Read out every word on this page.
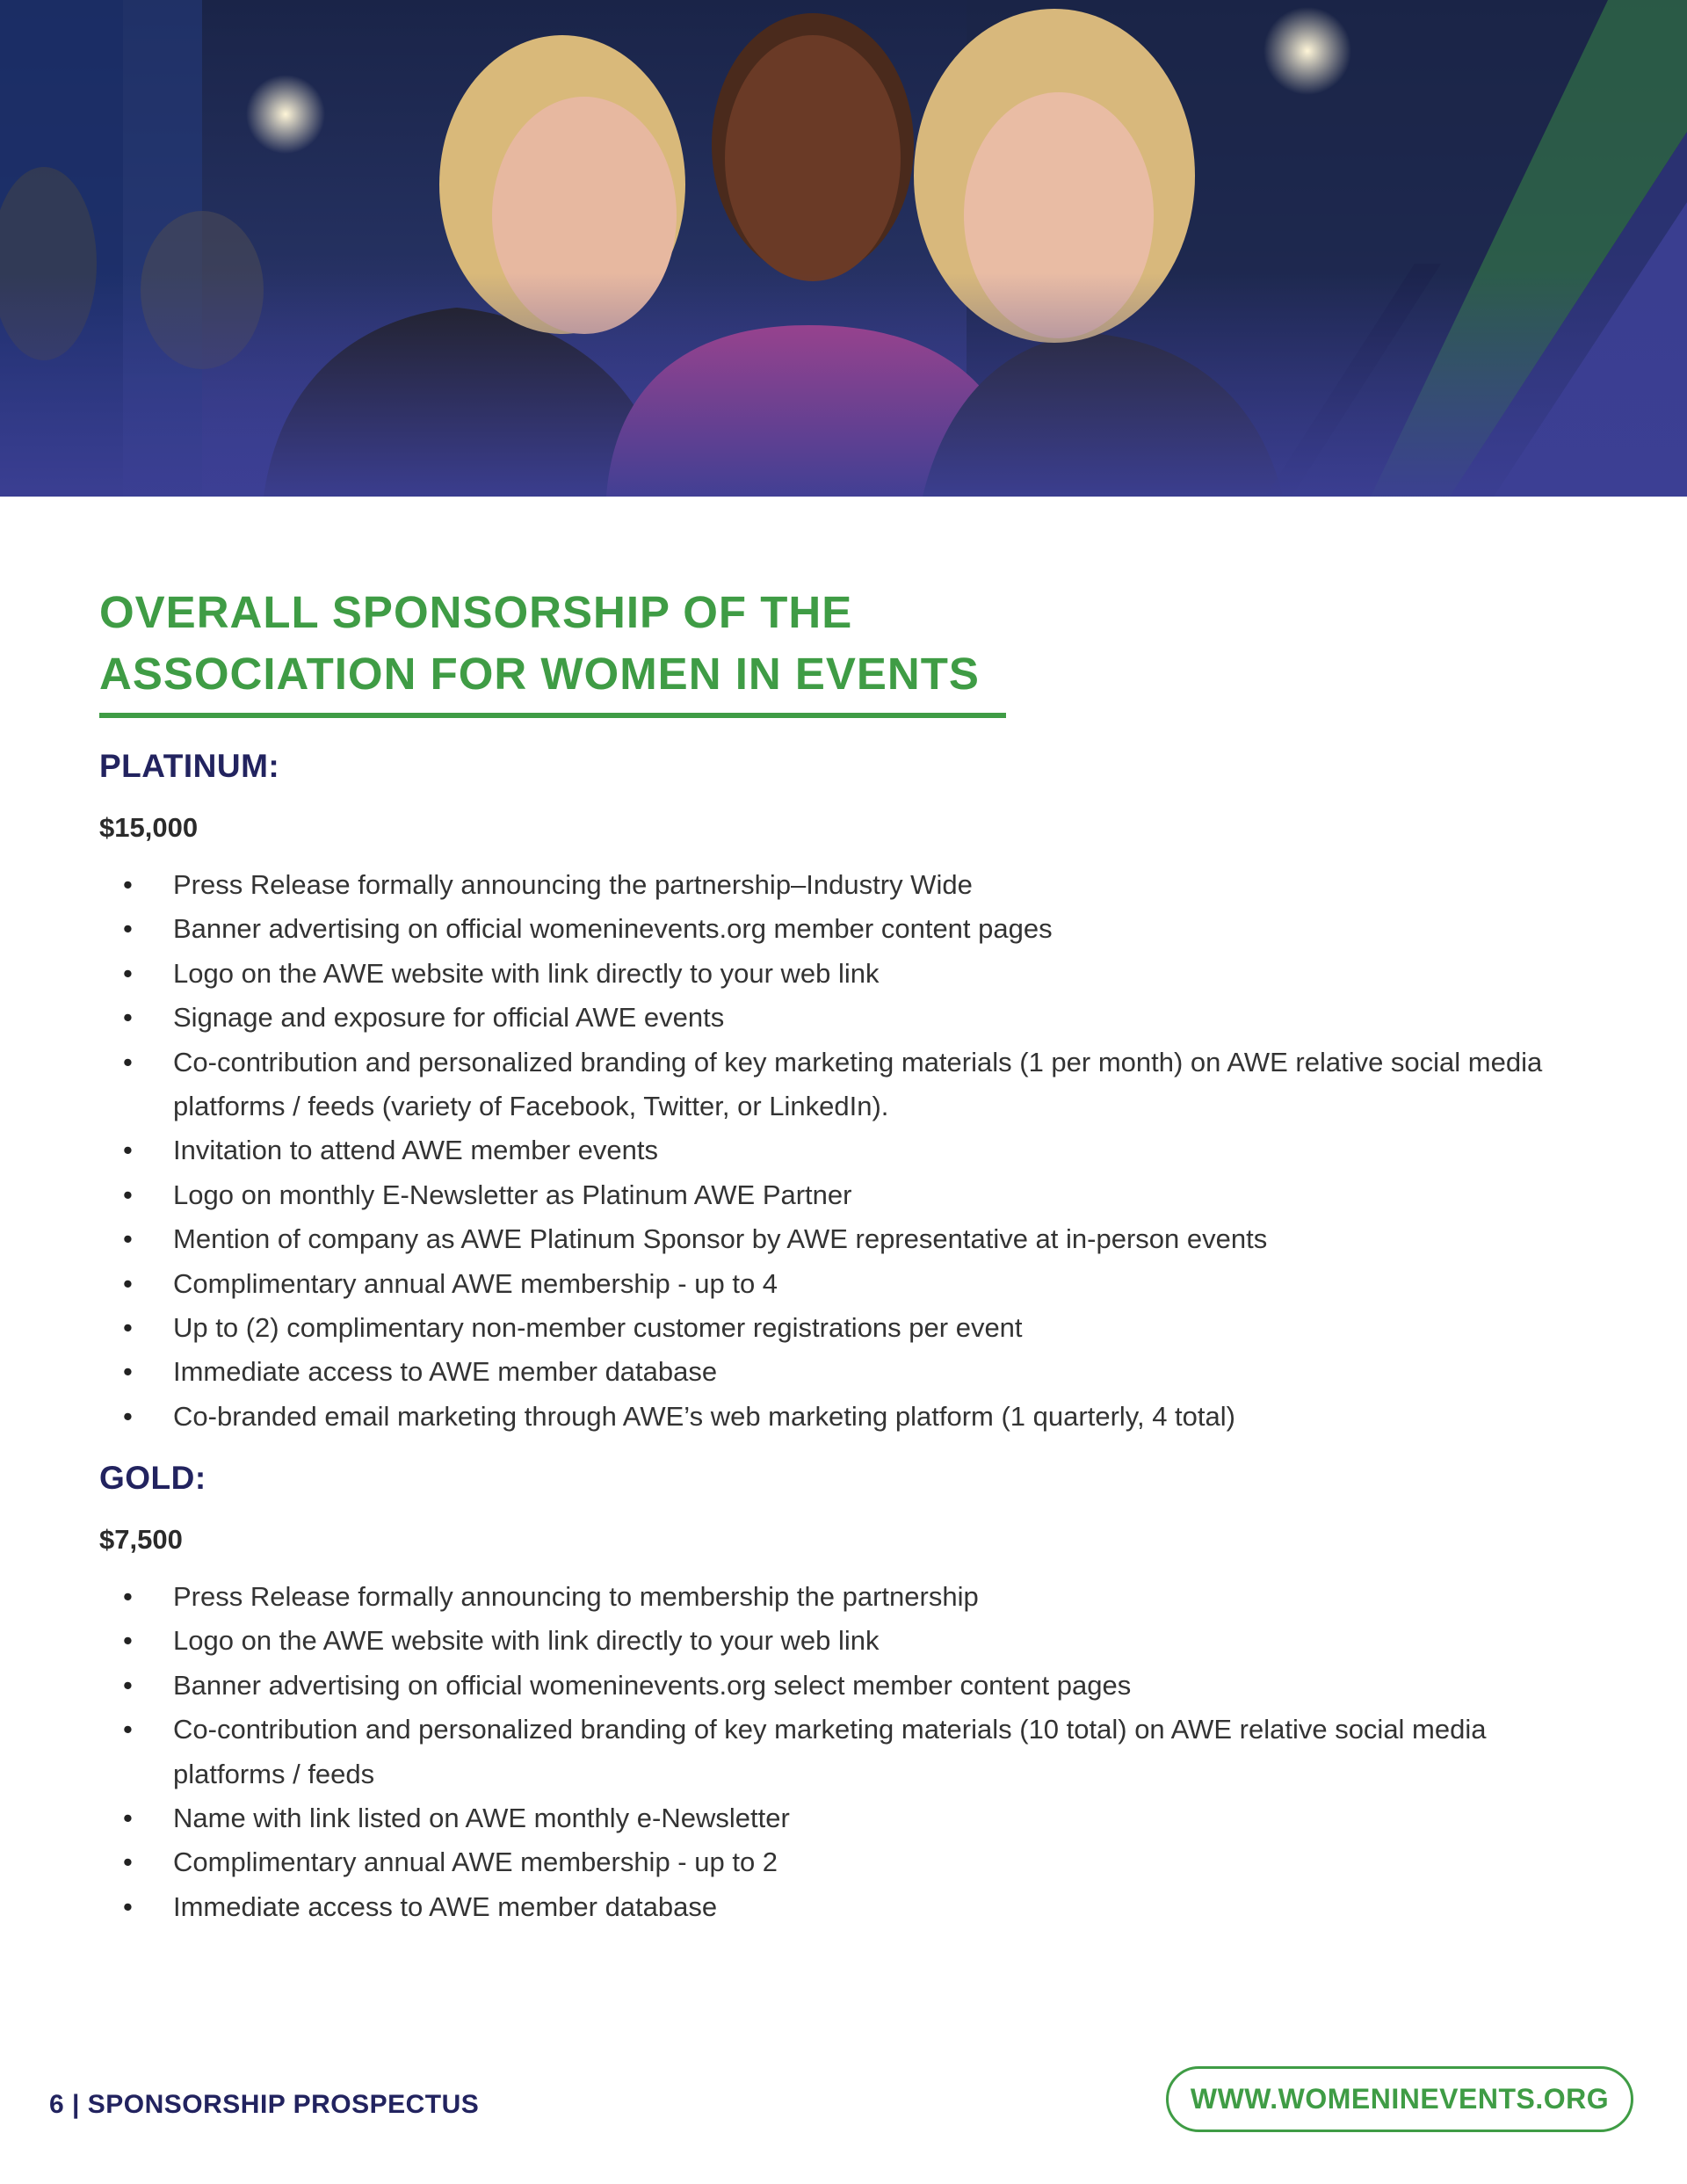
OVERALL SPONSORSHIP OF THE
ASSOCIATION FOR WOMEN IN EVENTS
PLATINUM:

$15,000

• Press Release formally announcing the partnership–Industry Wide
• Banner advertising on official womeninevents.org member content pages
• Logo on the AWE website with link directly to your web link
• Signage and exposure for official AWE events
• Co-contribution and personalized branding of key marketing materials (1 per month) on AWE relative social media platforms / feeds (variety of Facebook, Twitter, or LinkedIn).
• Invitation to attend AWE member events
• Logo on monthly E-Newsletter as Platinum AWE Partner
• Mention of company as AWE Platinum Sponsor by AWE representative at in-person events
• Complimentary annual AWE membership - up to 4
• Up to (2) complimentary non-member customer registrations per event
• Immediate access to AWE member database
• Co-branded email marketing through AWE’s web marketing platform (1 quarterly, 4 total)
GOLD:

$7,500

• Press Release formally announcing to membership the partnership
• Logo on the AWE website with link directly to your web link
• Banner advertising on official womeninevents.org select member content pages
• Co-contribution and personalized branding of key marketing materials (10 total) on AWE relative social media platforms / feeds
• Name with link listed on AWE monthly e-Newsletter
• Complimentary annual AWE membership - up to 2
• Immediate access to AWE member database
6 | SPONSORSHIP PROSPECTUS	WWW.WOMENINEVENTS.ORG
